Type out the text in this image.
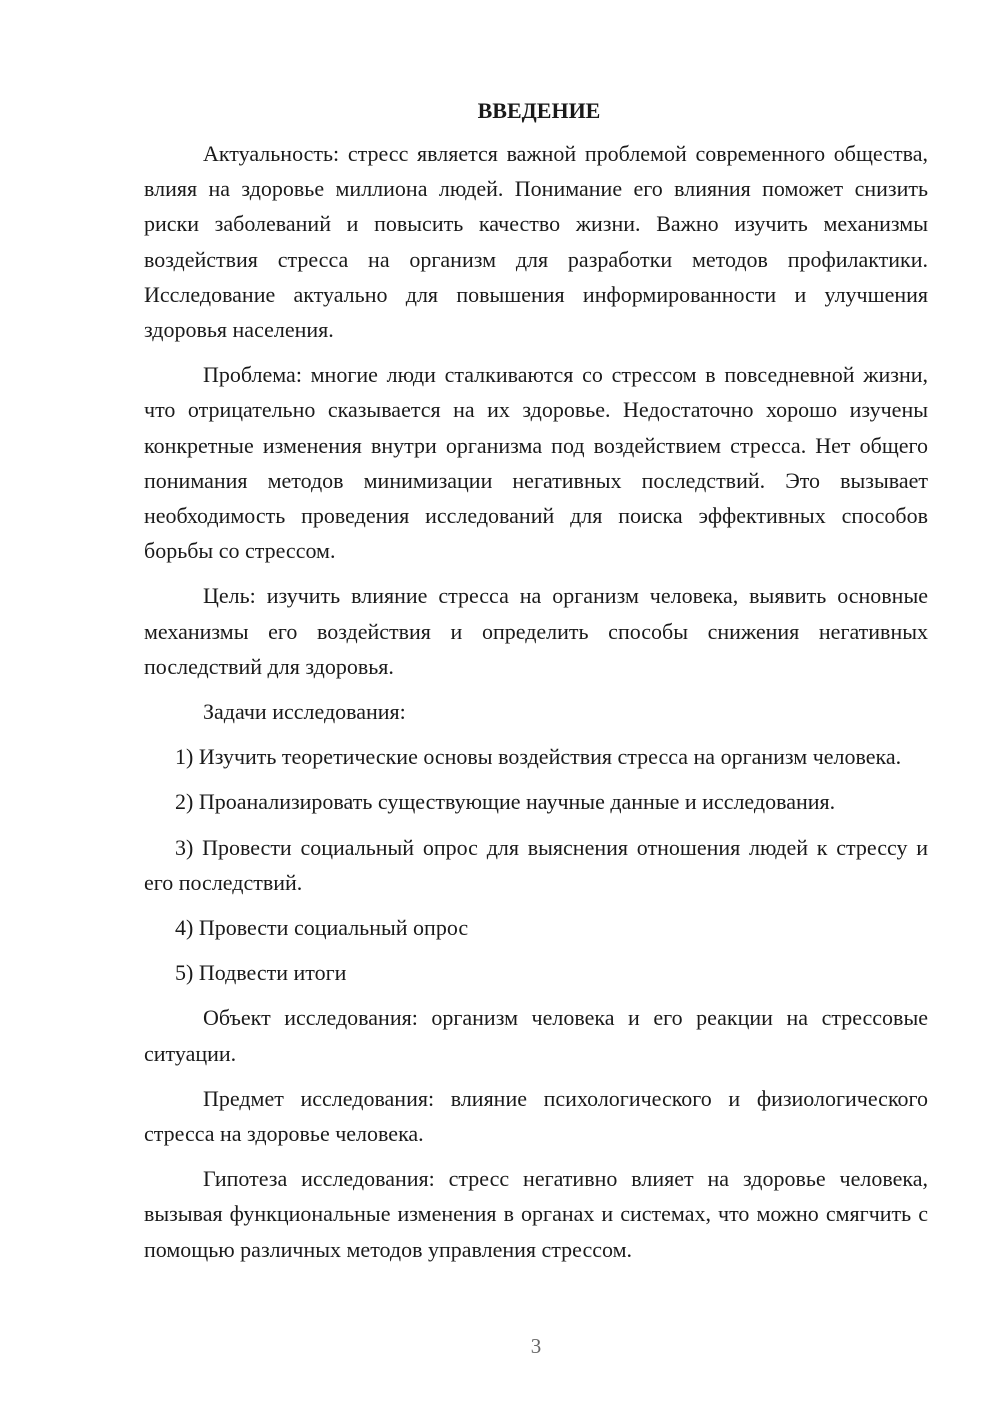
ВВЕДЕНИЕ

Актуальность: стресс является важной проблемой современного общества, влияя на здоровье миллиона людей. Понимание его влияния поможет снизить риски заболеваний и повысить качество жизни. Важно изучить механизмы воздействия стресса на организм для разработки методов профилактики. Исследование актуально для повышения информированности и улучшения здоровья населения.

Проблема: многие люди сталкиваются со стрессом в повседневной жизни, что отрицательно сказывается на их здоровье. Недостаточно хорошо изучены конкретные изменения внутри организма под воздействием стресса. Нет общего понимания методов минимизации негативных последствий. Это вызывает необходимость проведения исследований для поиска эффективных способов борьбы со стрессом.

Цель: изучить влияние стресса на организм человека, выявить основные механизмы его воздействия и определить способы снижения негативных последствий для здоровья.

Задачи исследования:

1) Изучить теоретические основы воздействия стресса на организм человека.

2) Проанализировать существующие научные данные и исследования.

3) Провести социальный опрос для выяснения отношения людей к стрессу и его последствий.

4) Провести социальный опрос

5) Подвести итоги

Объект исследования: организм человека и его реакции на стрессовые ситуации.

Предмет исследования: влияние психологического и физиологического стресса на здоровье человека.

Гипотеза исследования: стресс негативно влияет на здоровье человека, вызывая функциональные изменения в органах и системах, что можно смягчить с помощью различных методов управления стрессом.

3
